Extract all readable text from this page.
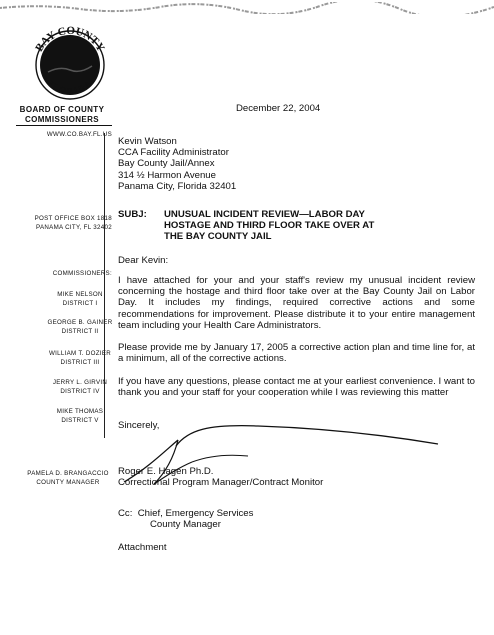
BAY COUNTY
FLORIDA
BOARD OF COUNTY COMMISSIONERS
WWW.CO.BAY.FL.US
POST OFFICE BOX 1818
PANAMA CITY, FL 32402
COMMISSIONERS:
MIKE NELSON
DISTRICT I
GEORGE B. GAINER
DISTRICT II
WILLIAM T. DOZIER
DISTRICT III
JERRY L. GIRVIN
DISTRICT IV
MIKE THOMAS
DISTRICT V
PAMELA D. BRANGACCIO
COUNTY MANAGER
December 22, 2004
Kevin Watson
CCA Facility Administrator
Bay County Jail/Annex
314 ½ Harmon Avenue
Panama City, Florida 32401
SUBJ: UNUSUAL INCIDENT REVIEW—LABOR DAY HOSTAGE AND THIRD FLOOR TAKE OVER AT THE BAY COUNTY JAIL
Dear Kevin:
I have attached for your and your staff's review my unusual incident review concerning the hostage and third floor take over at the Bay County Jail on Labor Day. It includes my findings, required corrective actions and some recommendations for improvement. Please distribute it to your entire management team including your Health Care Administrators.
Please provide me by January 17, 2005 a corrective action plan and time line for, at a minimum, all of the corrective actions.
If you have any questions, please contact me at your earliest convenience. I want to thank you and your staff for your cooperation while I was reviewing this matter
Sincerely,
Roger E. Hagen Ph.D.
Correctional Program Manager/Contract Monitor
Cc: Chief, Emergency Services
County Manager
Attachment
